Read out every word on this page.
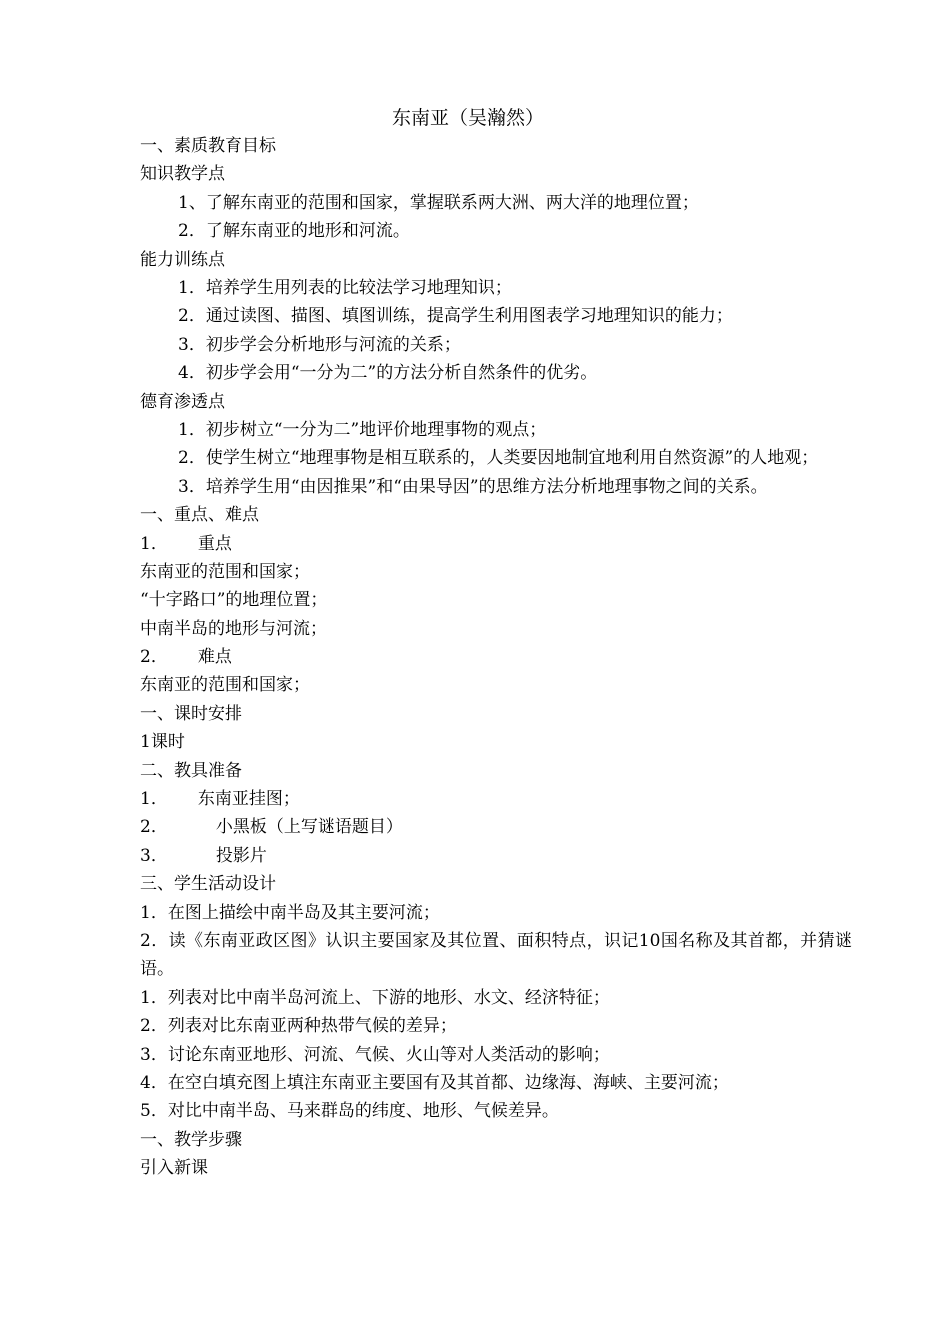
东南亚（吴瀚然）
一、素质教育目标
知识教学点
1、了解东南亚的范围和国家，掌握联系两大洲、两大洋的地理位置；
2．了解东南亚的地形和河流。
能力训练点
1．培养学生用列表的比较法学习地理知识；
2．通过读图、描图、填图训练，提高学生利用图表学习地理知识的能力；
3．初步学会分析地形与河流的关系；
4．初步学会用“一分为二”的方法分析自然条件的优劣。
德育渗透点
1．初步树立“一分为二”地评价地理事物的观点；
2．使学生树立“地理事物是相互联系的，人类要因地制宜地利用自然资源”的人地观；
3．培养学生用“由因推果”和“由果导因”的思维方法分析地理事物之间的关系。
一、重点、难点
1． 重点
东南亚的范围和国家；
“十字路口”的地理位置；
中南半岛的地形与河流；
2． 难点
东南亚的范围和国家；
一、课时安排
1课时
二、教具准备
1． 东南亚挂图；
2．	小黑板（上写谜语题目）
3．	投影片
三、学生活动设计
1．在图上描绘中南半岛及其主要河流；
2．读《东南亚政区图》认识主要国家及其位置、面积特点，识记10国名称及其首都，并猜谜语。
1．列表对比中南半岛河流上、下游的地形、水文、经济特征；
2．列表对比东南亚两种热带气候的差异；
3．讨论东南亚地形、河流、气候、火山等对人类活动的影响；
4．在空白填充图上填注东南亚主要国有及其首都、边缘海、海峡、主要河流；
5．对比中南半岛、马来群岛的纬度、地形、气候差异。
一、教学步骤
引入新课
